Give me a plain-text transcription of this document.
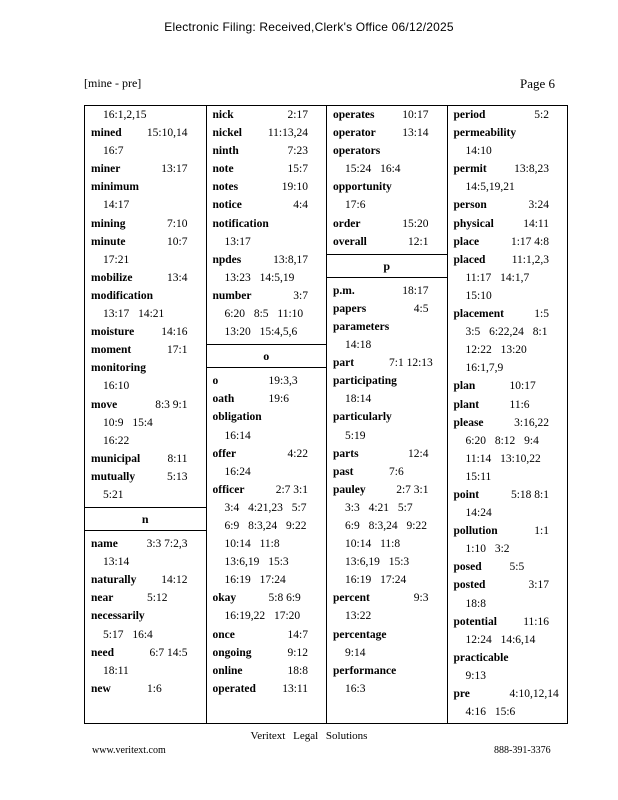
Electronic Filing: Received,Clerk's Office 06/12/2025
[mine - pre]	Page 6
16:1,2,15
mined 15:10,14
16:7
miner	13:17
minimum
14:17
mining	7:10
minute	10:7
17:21
mobilize	13:4
modification
13:17 14:21
moisture 14:16
moment	17:1
monitoring
16:10
move	8:3 9:1
10:9 15:4
16:22
municipal 8:11
mutually	5:13
5:21
n
name	3:3 7:2,3
13:14
naturally 14:12
near	5:12
necessarily
5:17 16:4
need	6:7 14:5
18:11
new	1:6
nick	2:17
nickel 11:13,24
ninth	7:23
note	15:7
notes	19:10
notice	4:4
notification
13:17
npdes	13:8,17
13:23 14:5,19
number	3:7
6:20 8:5 11:10
13:20 15:4,5,6
o
o	19:3,3
oath	19:6
obligation
16:14
offer	4:22
16:24
officer	2:7 3:1
3:4 4:21,23 5:7
6:9 8:3,24 9:22
10:14 11:8
13:6,19 15:3
16:19 17:24
okay	5:8 6:9
16:19,22 17:20
once	14:7
ongoing	9:12
online	18:8
operated 13:11
operates 10:17
operator 13:14
operators
15:24 16:4
opportunity
17:6
order	15:20
overall	12:1
p
p.m.	18:17
papers	4:5
parameters
14:18
part	7:1 12:13
participating
18:14
particularly
5:19
parts	12:4
past	7:6
pauley	2:7 3:1
3:3 4:21 5:7
6:9 8:3,24 9:22
10:14 11:8
13:6,19 15:3
16:19 17:24
percent	9:3
13:22
percentage
9:14
performance
16:3
period	5:2
permeability
14:10
permit 13:8,23
14:5,19,21
person	3:24
physical	14:11
place	1:17 4:8
placed 11:1,2,3
11:17 14:1,7
15:10
placement	1:5
3:5 6:22,24 8:1
12:22 13:20
16:1,7,9
plan	10:17
plant	11:6
please	3:16,22
6:20 8:12 9:4
11:14 13:10,22
15:11
point	5:18 8:1
14:24
pollution	1:1
1:10 3:2
posed 5:5
posted	3:17
18:8
potential 11:16
12:24 14:6,14
practicable
9:13
pre	4:10,12,14
4:16 15:6
Veritext Legal Solutions
www.veritext.com	888-391-3376
